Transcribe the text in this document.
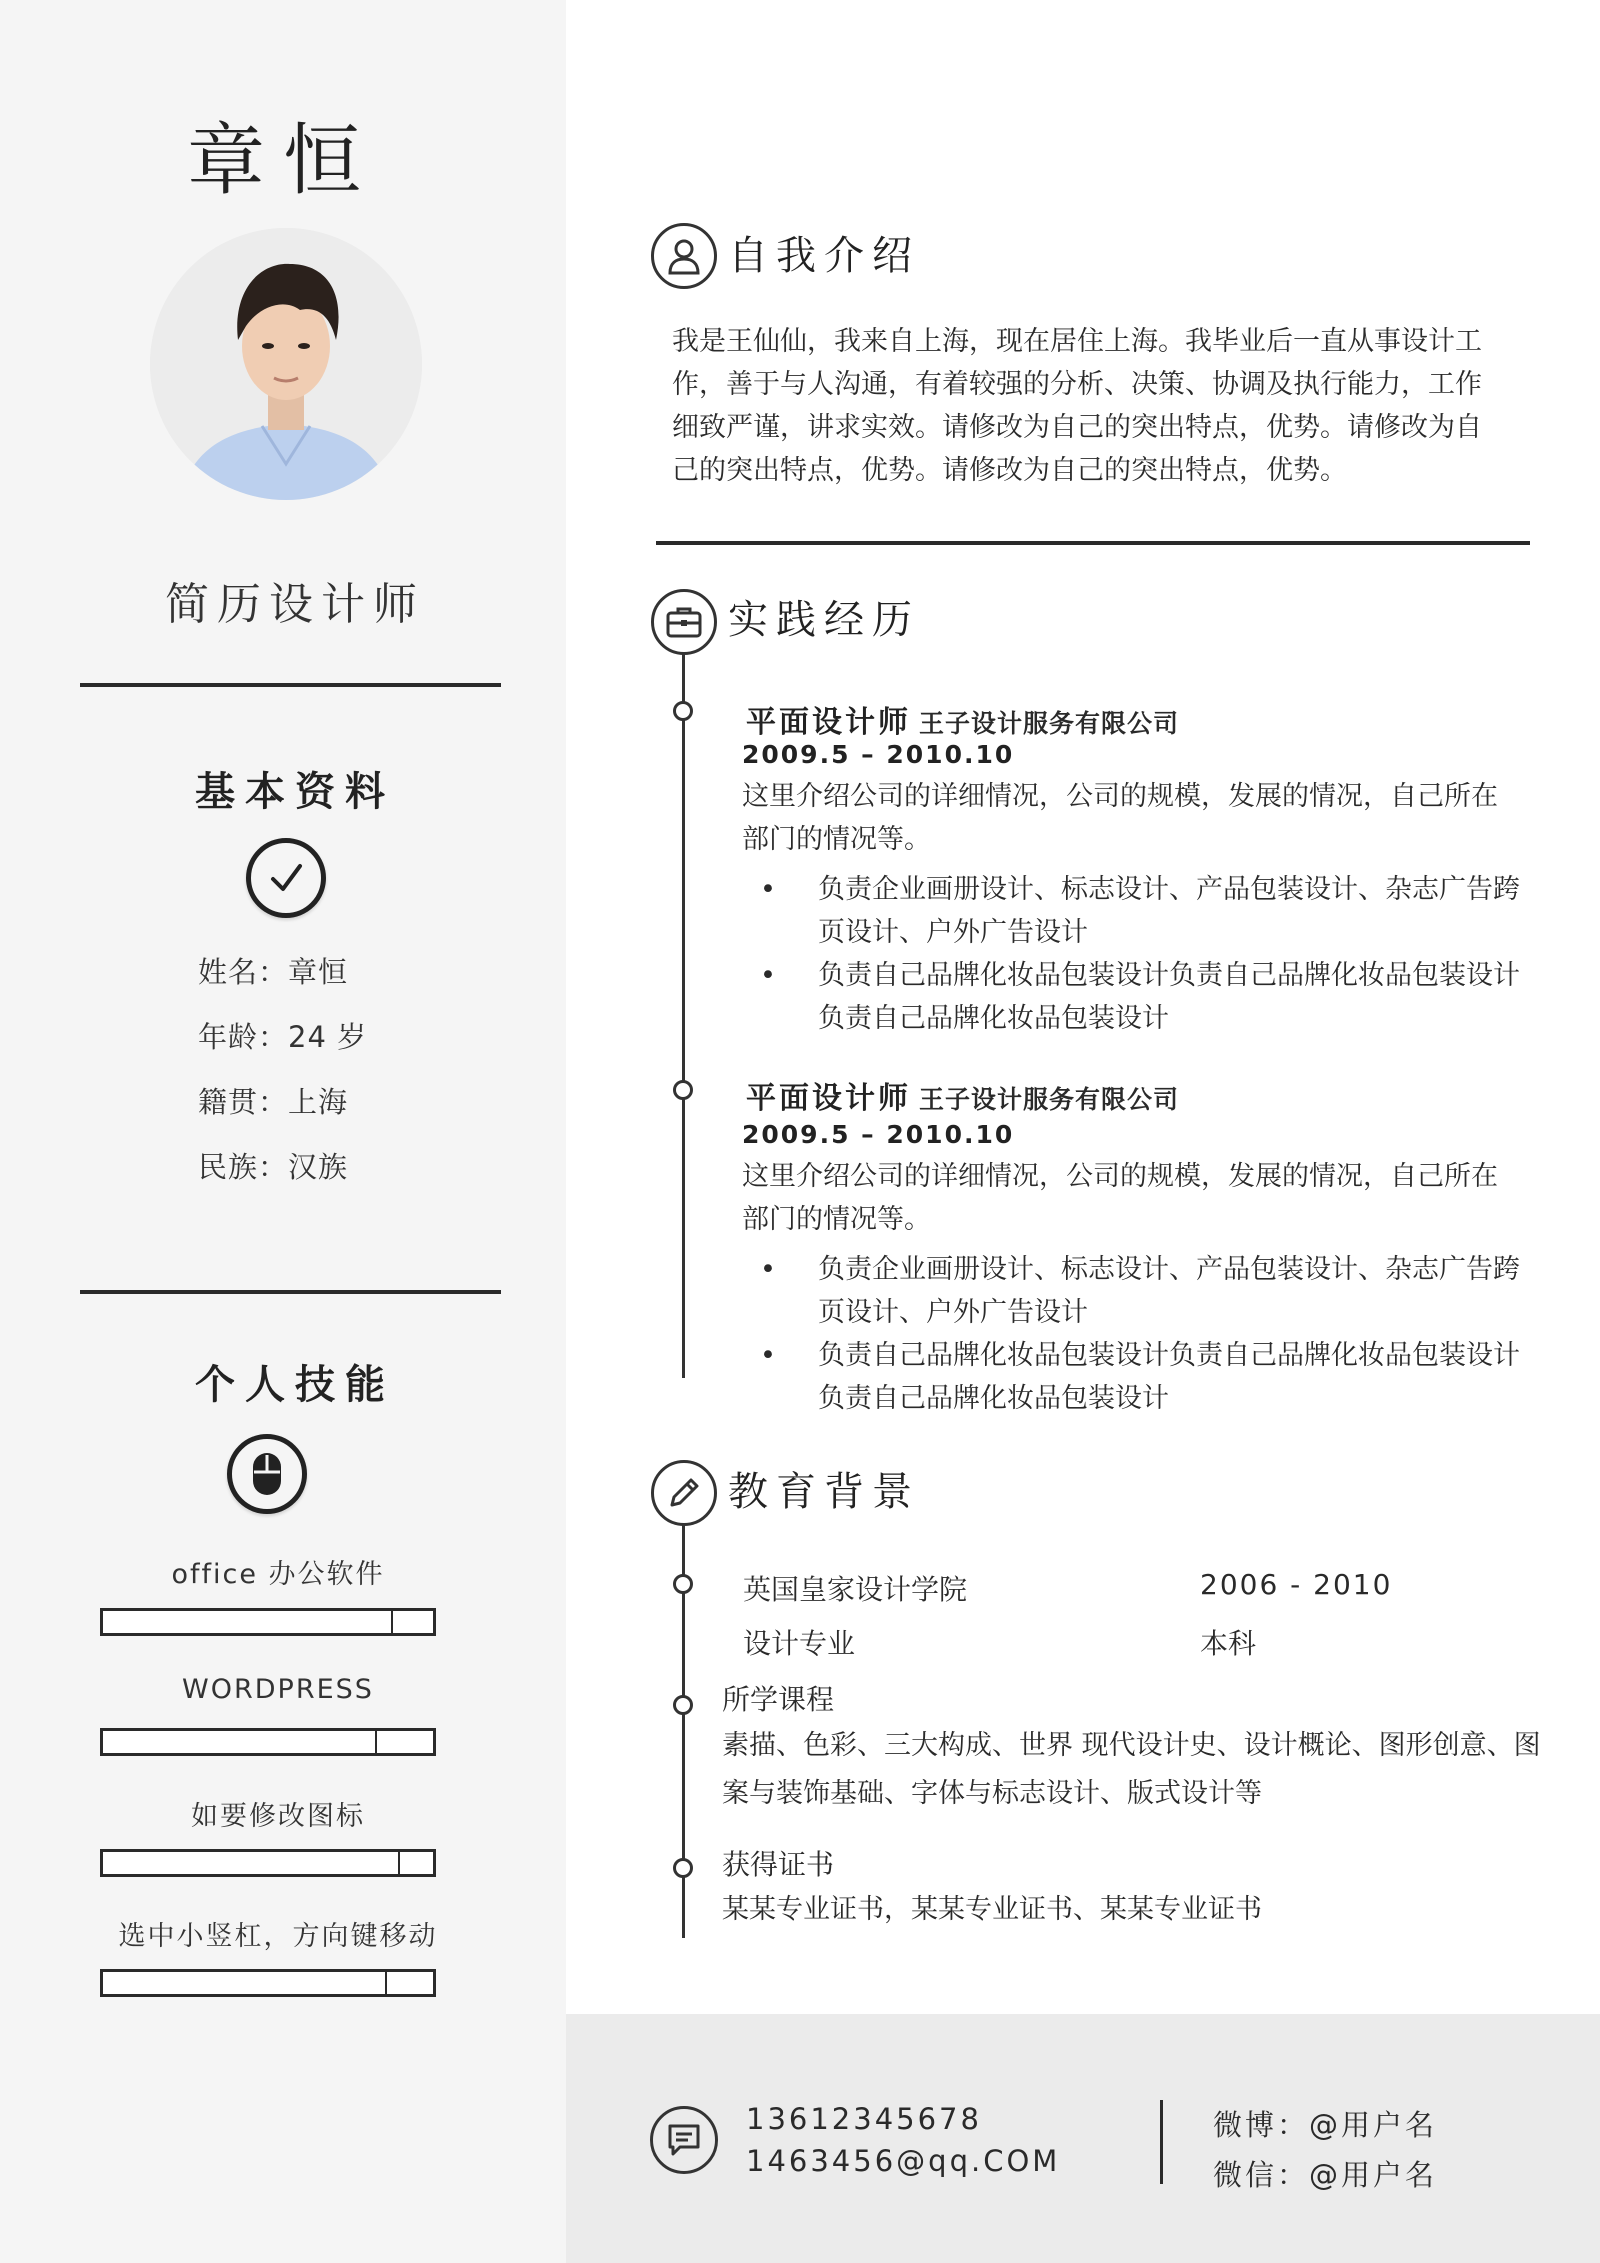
章恒
简历设计师
基本资料
姓名：章恒
年龄：24 岁
籍贯：上海
民族：汉族
个人技能
office 办公软件
WORDPRESS
如要修改图标
选中小竖杠，方向键移动
自我介绍
我是王仙仙，我来自上海，现在居住上海。我毕业后一直从事设计工
作，善于与人沟通，有着较强的分析、决策、协调及执行能力，工作
细致严谨，讲求实效。请修改为自己的突出特点，优势。请修改为自
己的突出特点，优势。请修改为自己的突出特点，优势。
实践经历
平面设计师 王子设计服务有限公司
2009.5 – 2010.10
这里介绍公司的详细情况，公司的规模，发展的情况，自己所在
部门的情况等。
• 负责企业画册设计、标志设计、产品包装设计、杂志广告跨
页设计、户外广告设计
• 负责自己品牌化妆品包装设计负责自己品牌化妆品包装设计
负责自己品牌化妆品包装设计
平面设计师 王子设计服务有限公司
2009.5 – 2010.10
这里介绍公司的详细情况，公司的规模，发展的情况，自己所在
部门的情况等。
• 负责企业画册设计、标志设计、产品包装设计、杂志广告跨
页设计、户外广告设计
• 负责自己品牌化妆品包装设计负责自己品牌化妆品包装设计
负责自己品牌化妆品包装设计
教育背景
英国皇家设计学院	2006 - 2010
设计专业	本科
所学课程
素描、色彩、三大构成、世界 现代设计史、设计概论、图形创意、图
案与装饰基础、字体与标志设计、版式设计等
获得证书
某某专业证书，某某专业证书、某某专业证书
13612345678
1463456@qq.COM
微博：@用户名
微信：@用户名
